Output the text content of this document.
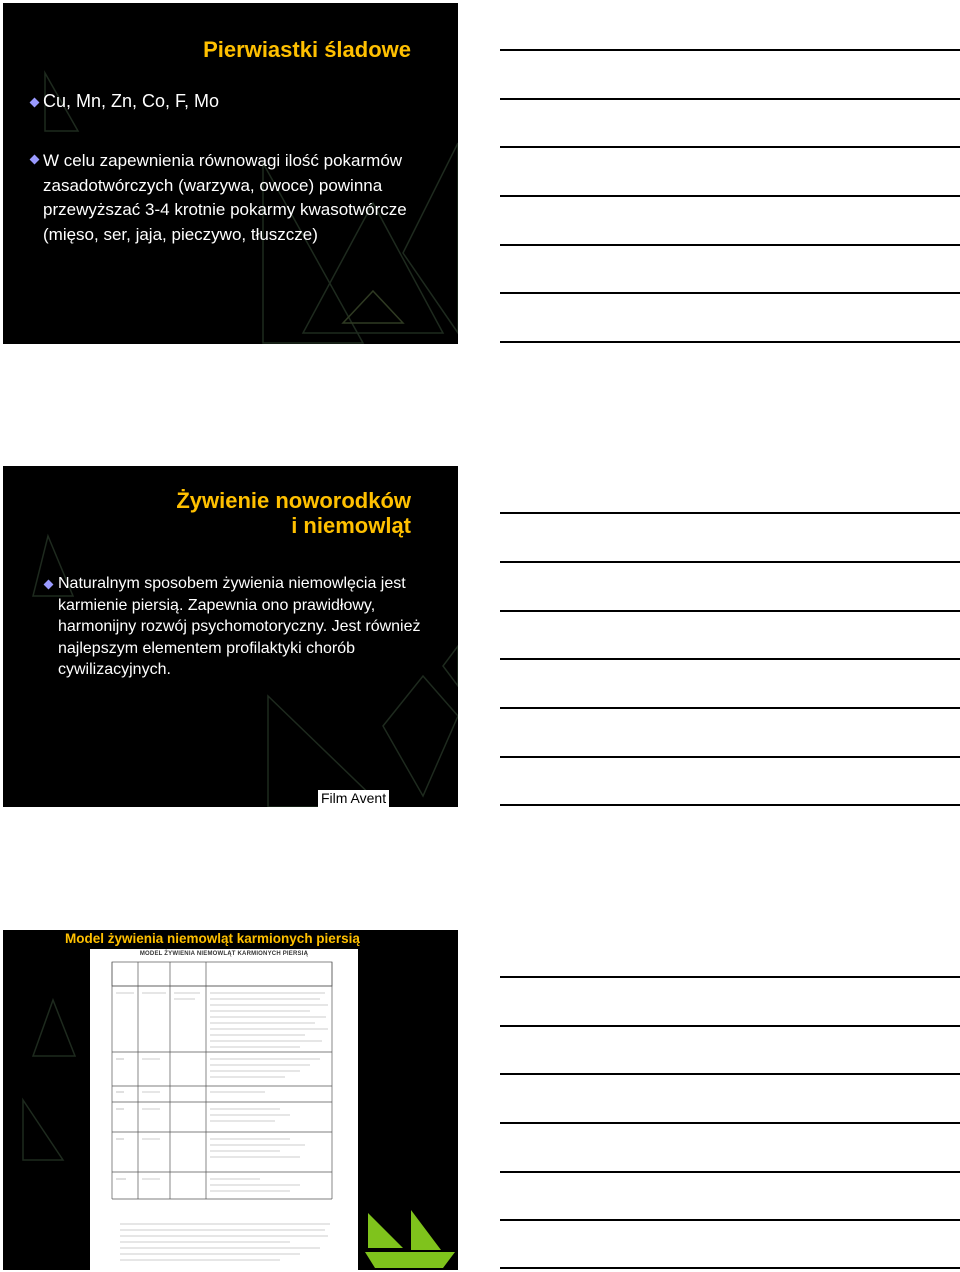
Pierwiastki śladowe
Cu, Mn, Zn, Co, F, Mo
W celu zapewnienia równowagi ilość pokarmów zasadotwórczych (warzywa, owoce) powinna przewyższać 3-4 krotnie pokarmy kwasotwórcze (mięso, ser, jaja, pieczywo, tłuszcze)
Żywienie noworodków
i niemowląt
Naturalnym sposobem żywienia niemowlęcia jest karmienie piersią. Zapewnia ono prawidłowy, harmonijny rozwój psychomotoryczny. Jest również najlepszym elementem profilaktyki chorób cywilizacyjnych.
Film Avent
Model żywienia niemowląt karmionych piersią
MODEL ŻYWIENIA NIEMOWLĄT KARMIONYCH PIERSIĄ
